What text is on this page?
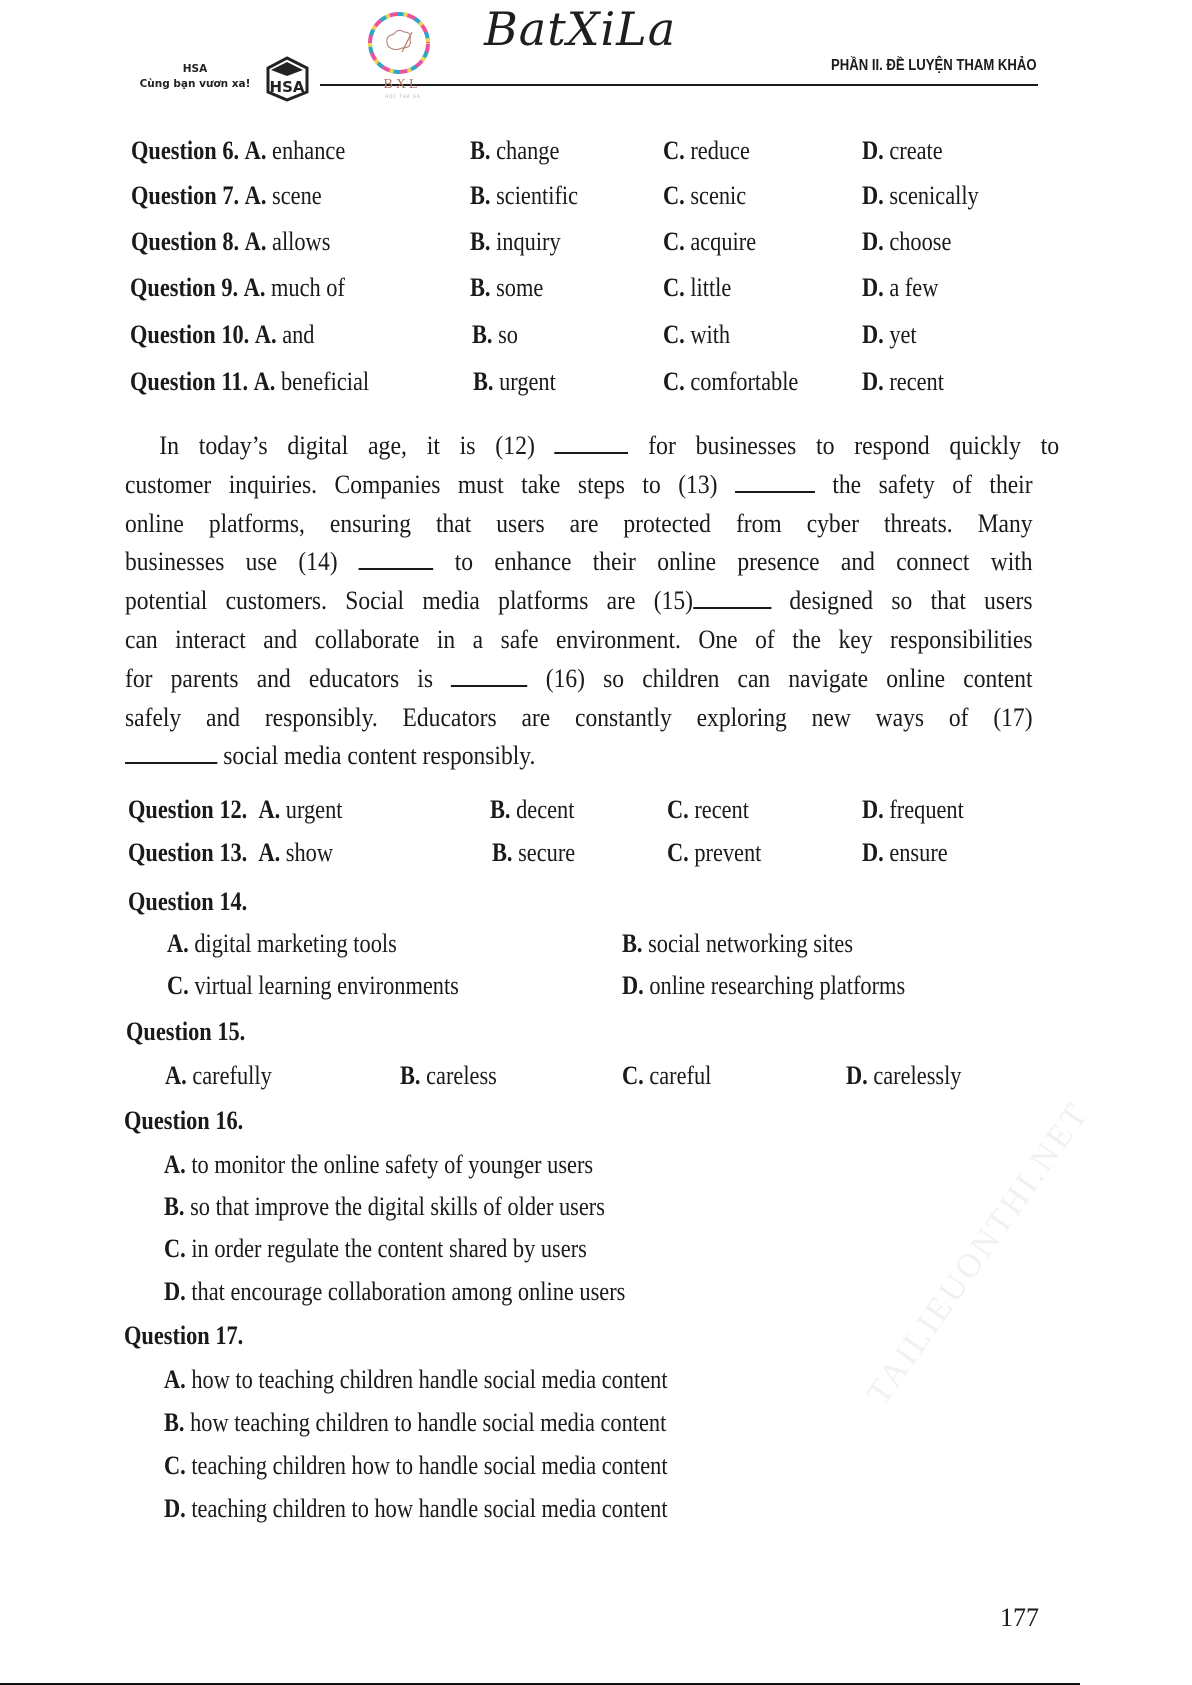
HSA
Cùng bạn vươn xa!	HSA	BXL
HỌC THẢ GA
BatXiLa
PHẦN II. ĐỀ LUYỆN THAM KHẢO
Question 6. A. enhance	B. change	C. reduce	D. create
Question 7. A. scene	B. scientific	C. scenic	D. scenically
Question 8. A. allows	B. inquiry	C. acquire	D. choose
Question 9. A. much of	B. some	C. little	D. a few
Question 10. A. and	B. so	C. with	D. yet
Question 11. A. beneficial	B. urgent	C. comfortable D. recent
In today’s digital age, it is (12)	for businesses to respond quickly to
customer inquiries. Companies must take steps to (13)	the safety of their
online platforms, ensuring that users are protected from cyber threats. Many
businesses use (14)	to enhance their online presence and connect with
potential customers. Social media platforms are (15)	designed so that users
can interact and collaborate in a safe environment. One of the key responsibilities
for parents and educators is	(16) so children can navigate online content
safely and responsibly. Educators are constantly exploring new ways of (17)
social media content responsibly.
Question 12. A. urgent	B. decent	C. recent	D. frequent
Question 13. A. show	B. secure	C. prevent	D. ensure
Question 14.
A. digital marketing tools	B. social networking sites
C. virtual learning environments	D. online researching platforms
Question 15.
A. carefully	B. careless	C. careful	D. carelessly
Question 16.
A. to monitor the online safety of younger users
B. so that improve the digital skills of older users
C. in order regulate the content shared by users
D. that encourage collaboration among online users
Question 17.
A. how to teaching children handle social media content
B. how teaching children to handle social media content
C. teaching children how to handle social media content
D. teaching children to how handle social media content
TAILIEUONTHI.NET
177
